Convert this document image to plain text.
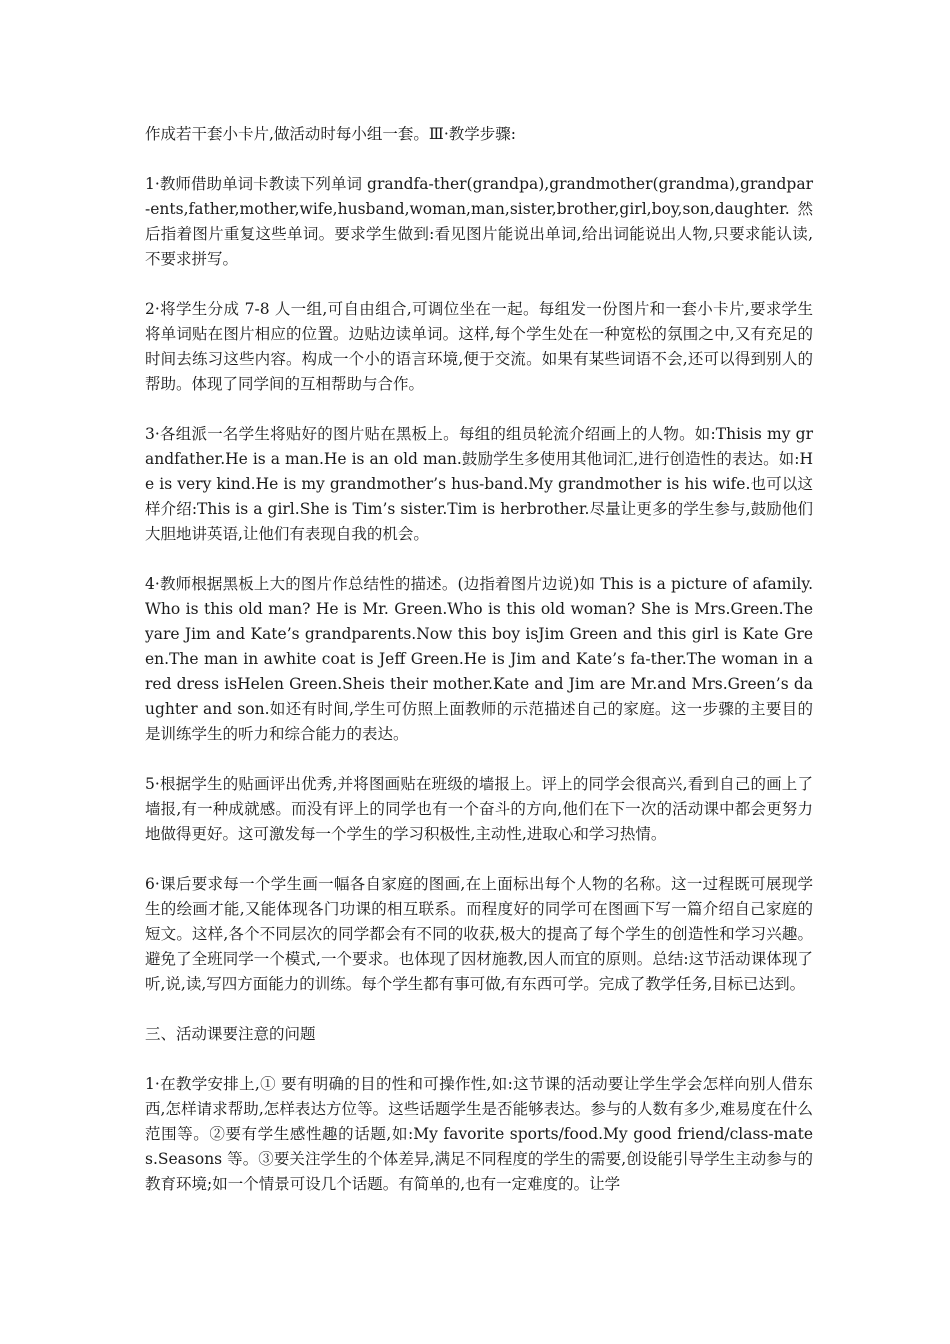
作成若干套小卡片,做活动时每小组一套。Ⅲ·教学步骤:

1·教师借助单词卡教读下列单词 grandfa-ther(grandpa),grandmother(grandma),grandpar-ents,father,mother,wife,husband,woman,man,sister,brother,girl,boy,son,daughter.然后指着图片重复这些单词。要求学生做到:看见图片能说出单词,给出词能说出人物,只要求能认读,不要求拼写。

2·将学生分成 7-8 人一组,可自由组合,可调位坐在一起。每组发一份图片和一套小卡片,要求学生将单词贴在图片相应的位置。边贴边读单词。这样,每个学生处在一种宽松的氛围之中,又有充足的时间去练习这些内容。构成一个小的语言环境,便于交流。如果有某些词语不会,还可以得到别人的帮助。体现了同学间的互相帮助与合作。

3·各组派一名学生将贴好的图片贴在黑板上。每组的组员轮流介绍画上的人物。如:Thisis my grandfather.He is a man.He is an old man.鼓励学生多使用其他词汇,进行创造性的表达。如:He is very kind.He is my grandmother’s hus-band.My grandmother is his wife.也可以这样介绍:This is a girl.She is Tim’s sister.Tim is herbrother.尽量让更多的学生参与,鼓励他们大胆地讲英语,让他们有表现自我的机会。

4·教师根据黑板上大的图片作总结性的描述。(边指着图片边说)如 This is a picture of afamily.Who is this old man? He is Mr. Green.Who is this old woman? She is Mrs.Green.Theyare Jim and Kate’s grandparents.Now this boy isJim Green and this girl is Kate Green.The man in awhite coat is Jeff Green.He is Jim and Kate’s fa-ther.The woman in a red dress isHelen Green.Sheis their mother.Kate and Jim are Mr.and Mrs.Green’s daughter and son.如还有时间,学生可仿照上面教师的示范描述自己的家庭。这一步骤的主要目的是训练学生的听力和综合能力的表达。

5·根据学生的贴画评出优秀,并将图画贴在班级的墙报上。评上的同学会很高兴,看到自己的画上了墙报,有一种成就感。而没有评上的同学也有一个奋斗的方向,他们在下一次的活动课中都会更努力地做得更好。这可激发每一个学生的学习积极性,主动性,进取心和学习热情。

6·课后要求每一个学生画一幅各自家庭的图画,在上面标出每个人物的名称。这一过程既可展现学生的绘画才能,又能体现各门功课的相互联系。而程度好的同学可在图画下写一篇介绍自己家庭的短文。这样,各个不同层次的同学都会有不同的收获,极大的提高了每个学生的创造性和学习兴趣。避免了全班同学一个模式,一个要求。也体现了因材施教,因人而宜的原则。总结:这节活动课体现了听,说,读,写四方面能力的训练。每个学生都有事可做,有东西可学。完成了教学任务,目标已达到。

三、活动课要注意的问题

1·在教学安排上,① 要有明确的目的性和可操作性,如:这节课的活动要让学生学会怎样向别人借东西,怎样请求帮助,怎样表达方位等。这些话题学生是否能够表达。参与的人数有多少,难易度在什么范围等。②要有学生感性趣的话题,如:My favorite sports/food.My good friend/class-mates.Seasons 等。③要关注学生的个体差异,满足不同程度的学生的需要,创设能引导学生主动参与的教育环境;如一个情景可设几个话题。有简单的,也有一定难度的。让学
